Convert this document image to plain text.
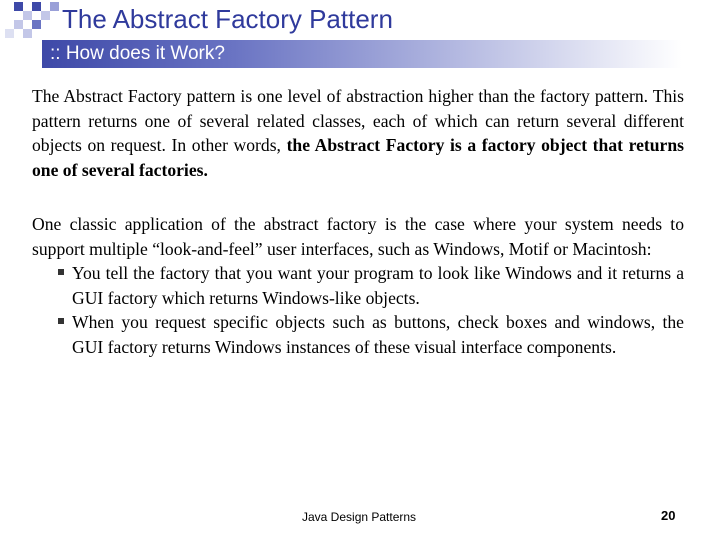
The Abstract Factory Pattern
:: How does it Work?

The Abstract Factory pattern is one level of abstraction higher than the factory pattern. This pattern returns one of several related classes, each of which can return several different objects on request. In other words, the Abstract Factory is a factory object that returns one of several factories.

One classic application of the abstract factory is the case where your system needs to support multiple “look-and-feel” user interfaces, such as Windows, Motif or Macintosh:
You tell the factory that you want your program to look like Windows and it returns a GUI factory which returns Windows-like objects.
When you request specific objects such as buttons, check boxes and windows, the GUI factory returns Windows instances of these visual interface components.
Java Design Patterns	20
